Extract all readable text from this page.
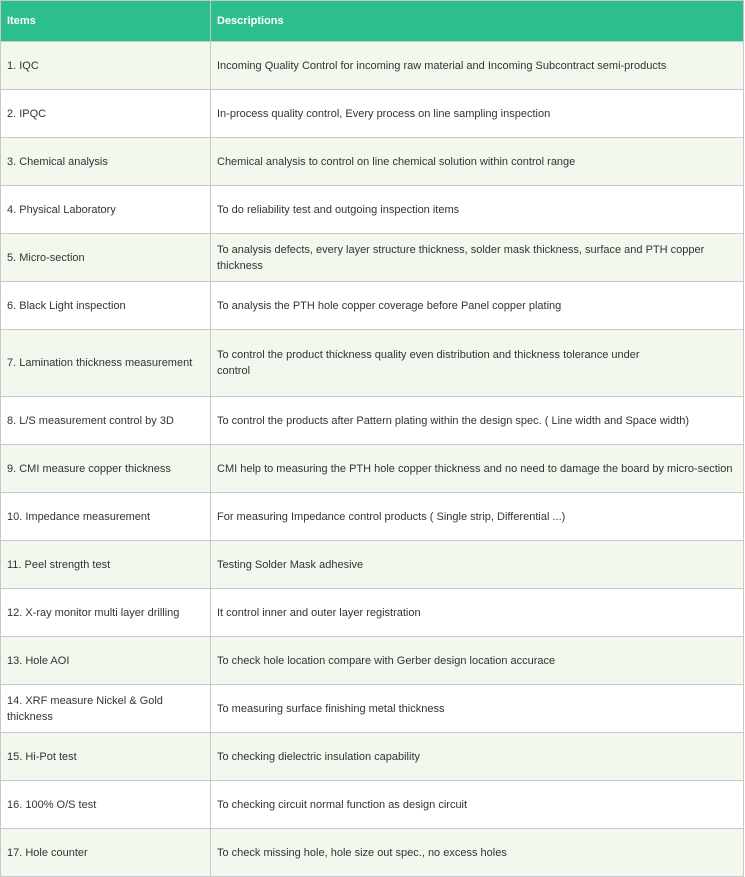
Items	Descriptions
1. IQC	Incoming Quality Control for incoming raw material and Incoming Subcontract semi-products
2. IPQC	In-process quality control, Every process on line sampling inspection
3. Chemical analysis	Chemical analysis to control on line chemical solution within control range
4. Physical Laboratory	To do reliability test and outgoing inspection items
5. Micro-section	To analysis defects, every layer structure thickness, solder mask thickness, surface and PTH copper thickness
6. Black Light inspection	To analysis the PTH hole copper coverage before Panel copper plating
7. Lamination thickness measurement	To control the product thickness quality even distribution and thickness tolerance under
control
8. L/S measurement control by 3D	To control the products after Pattern plating within the design spec. ( Line width and Space width)
9. CMI measure copper thickness	CMI help to measuring the PTH hole copper thickness and no need to damage the board by micro-section
10. Impedance measurement	For measuring Impedance control products ( Single strip, Differential ...)
11. Peel strength test	Testing Solder Mask adhesive
12. X-ray monitor multi layer drilling	It control inner and outer layer registration
13. Hole AOI	To check hole location compare with Gerber design location accurace
14. XRF measure Nickel & Gold thickness	To measuring surface finishing metal thickness
15. Hi-Pot test	To checking dielectric insulation capability
16. 100% O/S test	To checking circuit normal function as design circuit
17. Hole counter	To check missing hole, hole size out spec., no excess holes
